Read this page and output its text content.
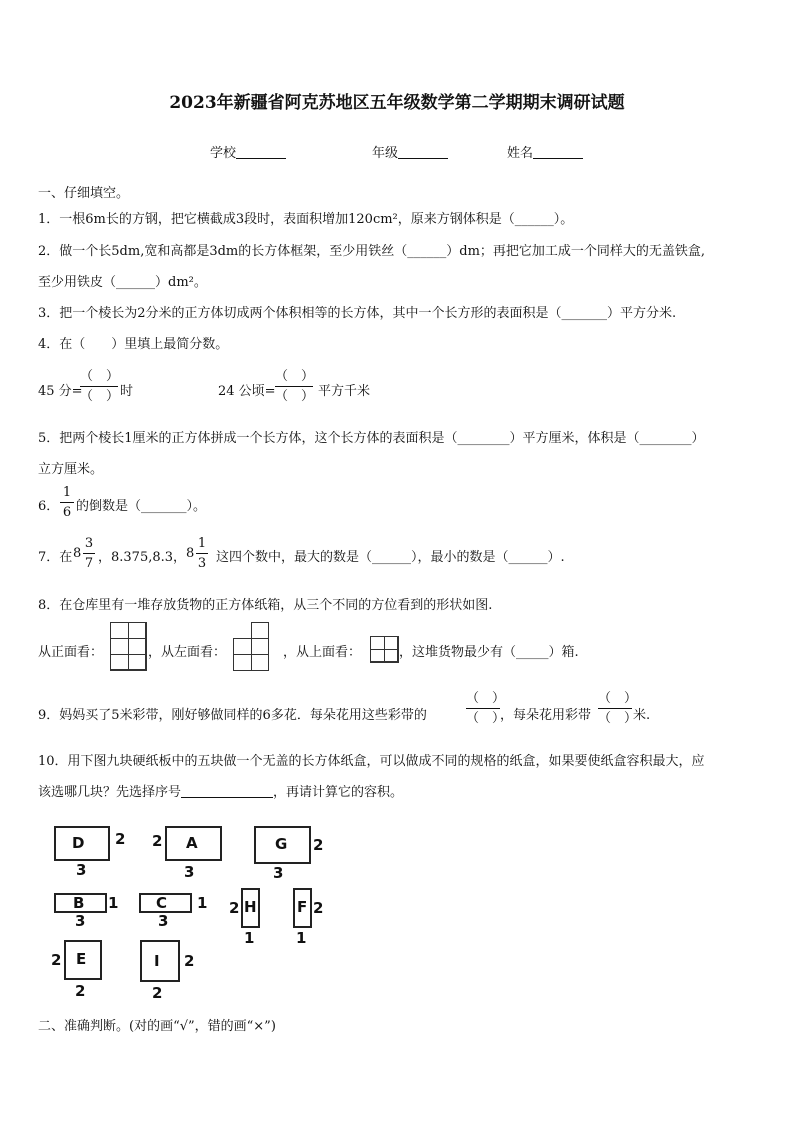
2023年新疆省阿克苏地区五年级数学第二学期期末调研试题
学校	年级	姓名
一、仔细填空。
1．一根6m长的方钢，把它横截成3段时，表面积增加120cm²，原来方钢体积是（______）。
2．做一个长5dm,宽和高都是3dm的长方体框架，至少用铁丝（______）dm；再把它加工成一个同样大的无盖铁盒,
至少用铁皮（______）dm²。
3．把一个棱长为2分米的正方体切成两个体积相等的长方体，其中一个长方形的表面积是（_______）平方分米.
4．在（　　）里填上最简分数。
45 分=
（　）
（　） 时	24 公顷=
（　）
（　） 平方千米
5．把两个棱长1厘米的正方体拼成一个长方体，这个长方体的表面积是（________）平方厘米，体积是（________）
立方厘米。
6．
1
6 的倒数是（_______）。
7．在 8
3
7 ，8.375,8.3， 8
1
3 这四个数中，最大的数是（______），最小的数是（______）.
8．在仓库里有一堆存放货物的正方体纸箱，从三个不同的方位看到的形状如图.
从正面看：	，从左面看：	，从上面看：	，这堆货物最少有（_____）箱.
9．妈妈买了5米彩带，刚好够做同样的6多花．每朵花用这些彩带的
（　）
（　）
，每朵花用彩带
（　）
（　）
米.
10．用下图九块硬纸板中的五块做一个无盖的长方体纸盒，可以做成不同的规格的纸盒，如果要使纸盒容积最大，应
该选哪几块？先选择序号	，再请计算它的容积。
D 2
3
A
2
3
G 2
3
B 1
3
C 1
3
H
2
1
F 2
1
E
2
2
I 2
2
二、准确判断。(对的画“√”，错的画“×”)
